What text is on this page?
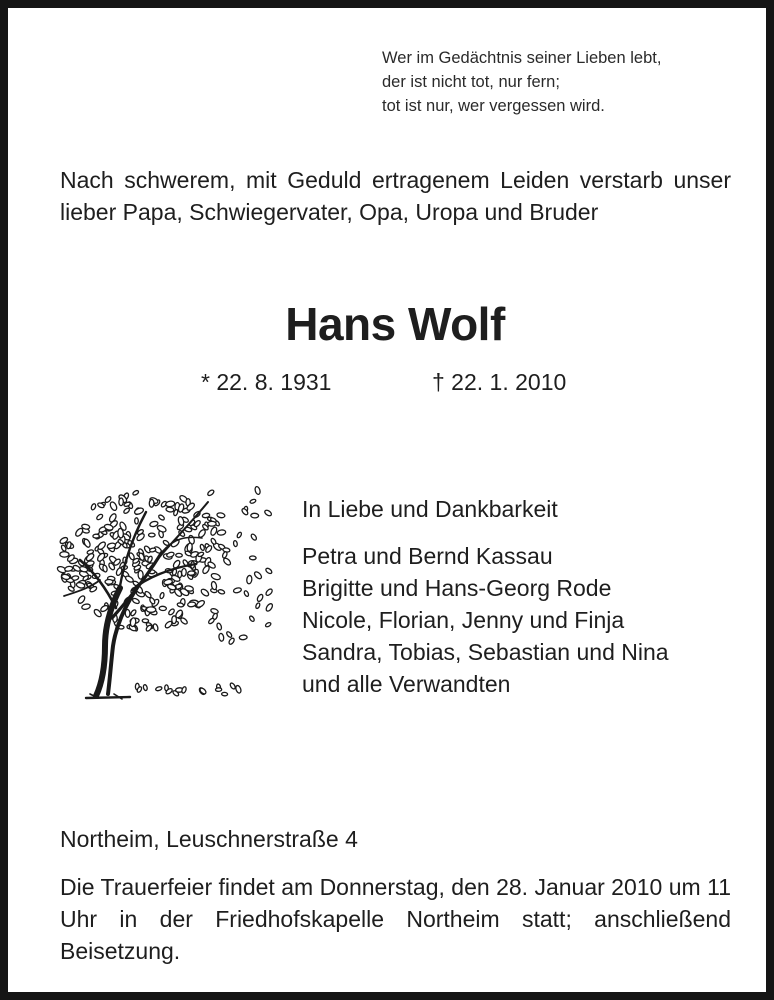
Wer im Gedächtnis seiner Lieben lebt,
der ist nicht tot, nur fern;
tot ist nur, wer vergessen wird.
Nach schwerem, mit Geduld ertragenem Leiden verstarb unser lieber Papa, Schwiegervater, Opa, Uropa und Bruder
Hans Wolf
* 22. 8. 1931	† 22. 1. 2010
In Liebe und Dankbarkeit
Petra und Bernd Kassau
Brigitte und Hans-Georg Rode
Nicole, Florian, Jenny und Finja
Sandra, Tobias, Sebastian und Nina
und alle Verwandten
Northeim, Leuschnerstraße 4
Die Trauerfeier findet am Donnerstag, den 28. Januar 2010 um 11 Uhr in der Friedhofskapelle Northeim statt; anschließend Beisetzung.
